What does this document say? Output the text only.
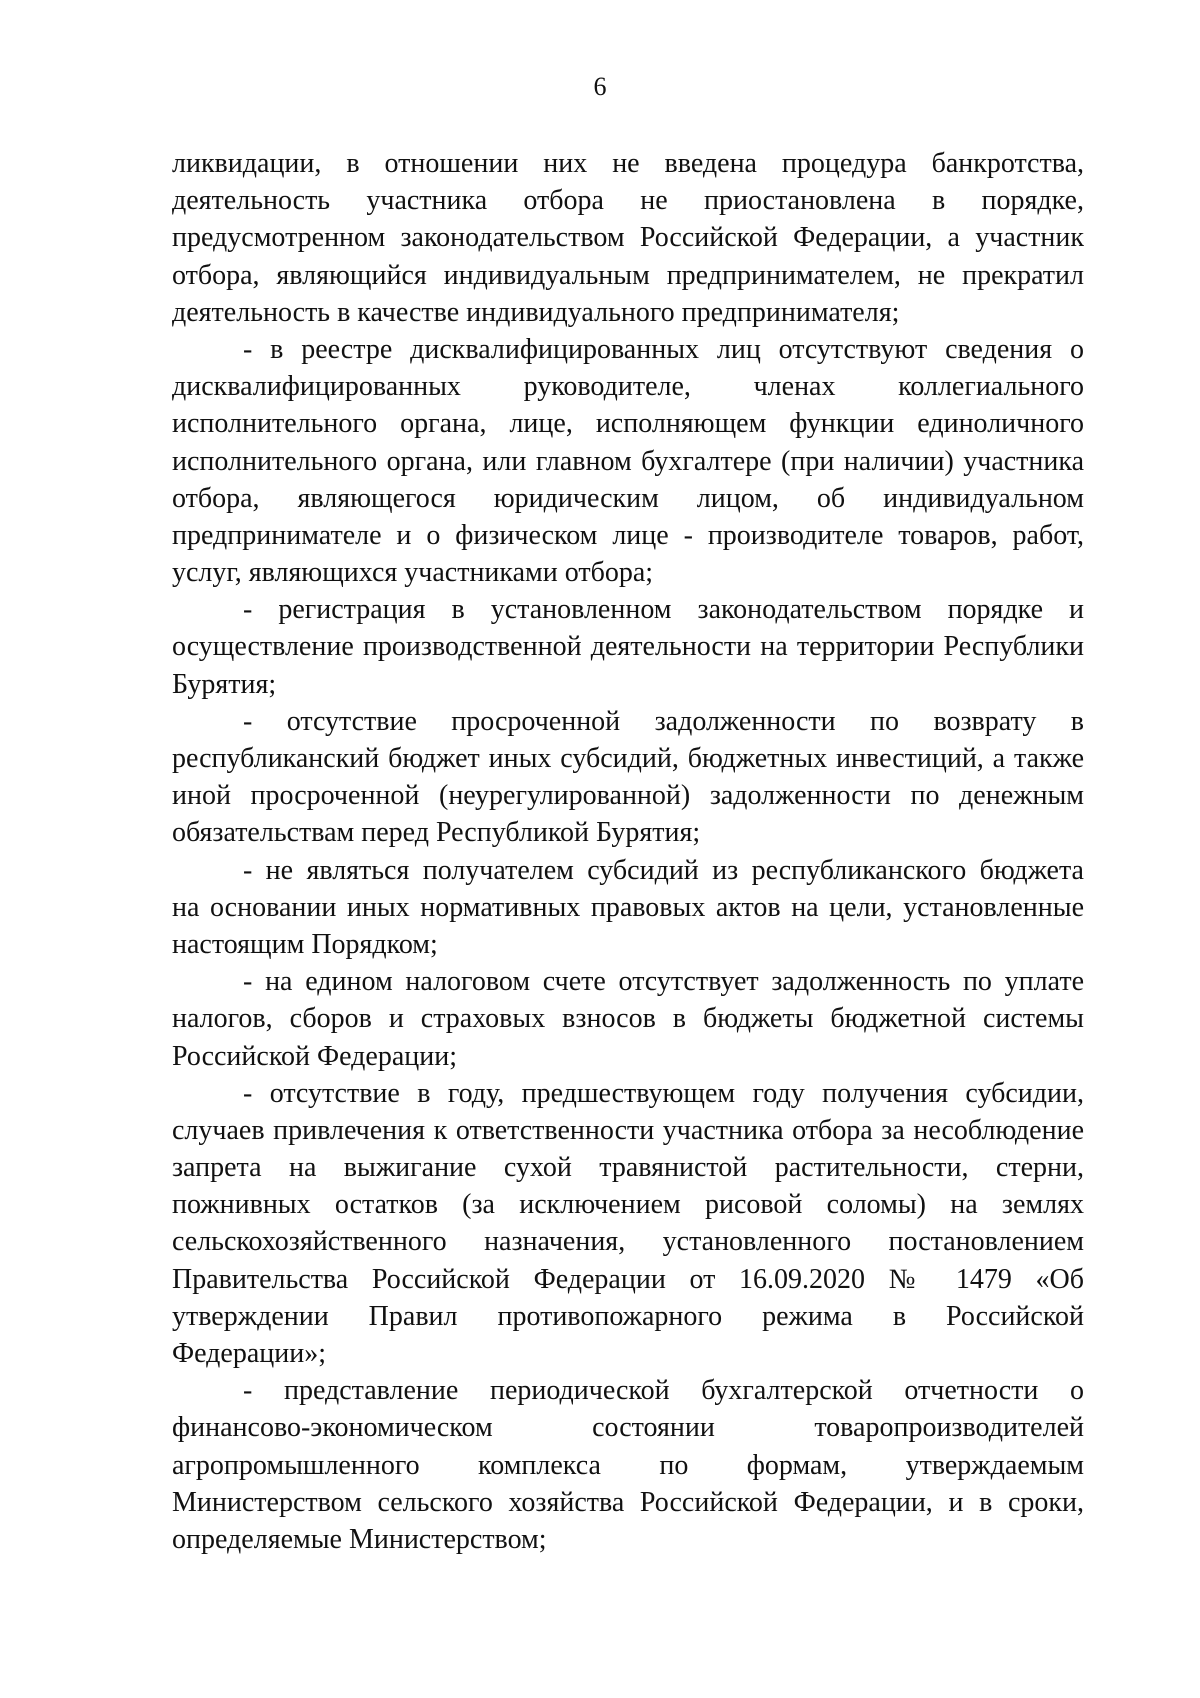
6
ликвидации, в отношении них не введена процедура банкротства,
деятельность участника отбора не приостановлена в порядке,
предусмотренном законодательством Российской Федерации, а участник
отбора, являющийся индивидуальным предпринимателем, не прекратил
деятельность в качестве индивидуального предпринимателя;
- в реестре дисквалифицированных лиц отсутствуют сведения о
дисквалифицированных руководителе, членах коллегиального
исполнительного органа, лице, исполняющем функции единоличного
исполнительного органа, или главном бухгалтере (при наличии) участника
отбора, являющегося юридическим лицом, об индивидуальном
предпринимателе и о физическом лице - производителе товаров, работ,
услуг, являющихся участниками отбора;
- регистрация в установленном законодательством порядке и
осуществление производственной деятельности на территории Республики
Бурятия;
- отсутствие просроченной задолженности по возврату в
республиканский бюджет иных субсидий, бюджетных инвестиций, а также
иной просроченной (неурегулированной) задолженности по денежным
обязательствам перед Республикой Бурятия;
- не являться получателем субсидий из республиканского бюджета
на основании иных нормативных правовых актов на цели, установленные
настоящим Порядком;
- на едином налоговом счете отсутствует задолженность по уплате
налогов, сборов и страховых взносов в бюджеты бюджетной системы
Российской Федерации;
- отсутствие в году, предшествующем году получения субсидии,
случаев привлечения к ответственности участника отбора за несоблюдение
запрета на выжигание сухой травянистой растительности, стерни,
пожнивных остатков (за исключением рисовой соломы) на землях
сельскохозяйственного назначения, установленного постановлением
Правительства Российской Федерации от 16.09.2020 № 1479 «Об
утверждении Правил противопожарного режима в Российской
Федерации»;
- представление периодической бухгалтерской отчетности о
финансово-экономическом состоянии товаропроизводителей
агропромышленного комплекса по формам, утверждаемым
Министерством сельского хозяйства Российской Федерации, и в сроки,
определяемые Министерством;
